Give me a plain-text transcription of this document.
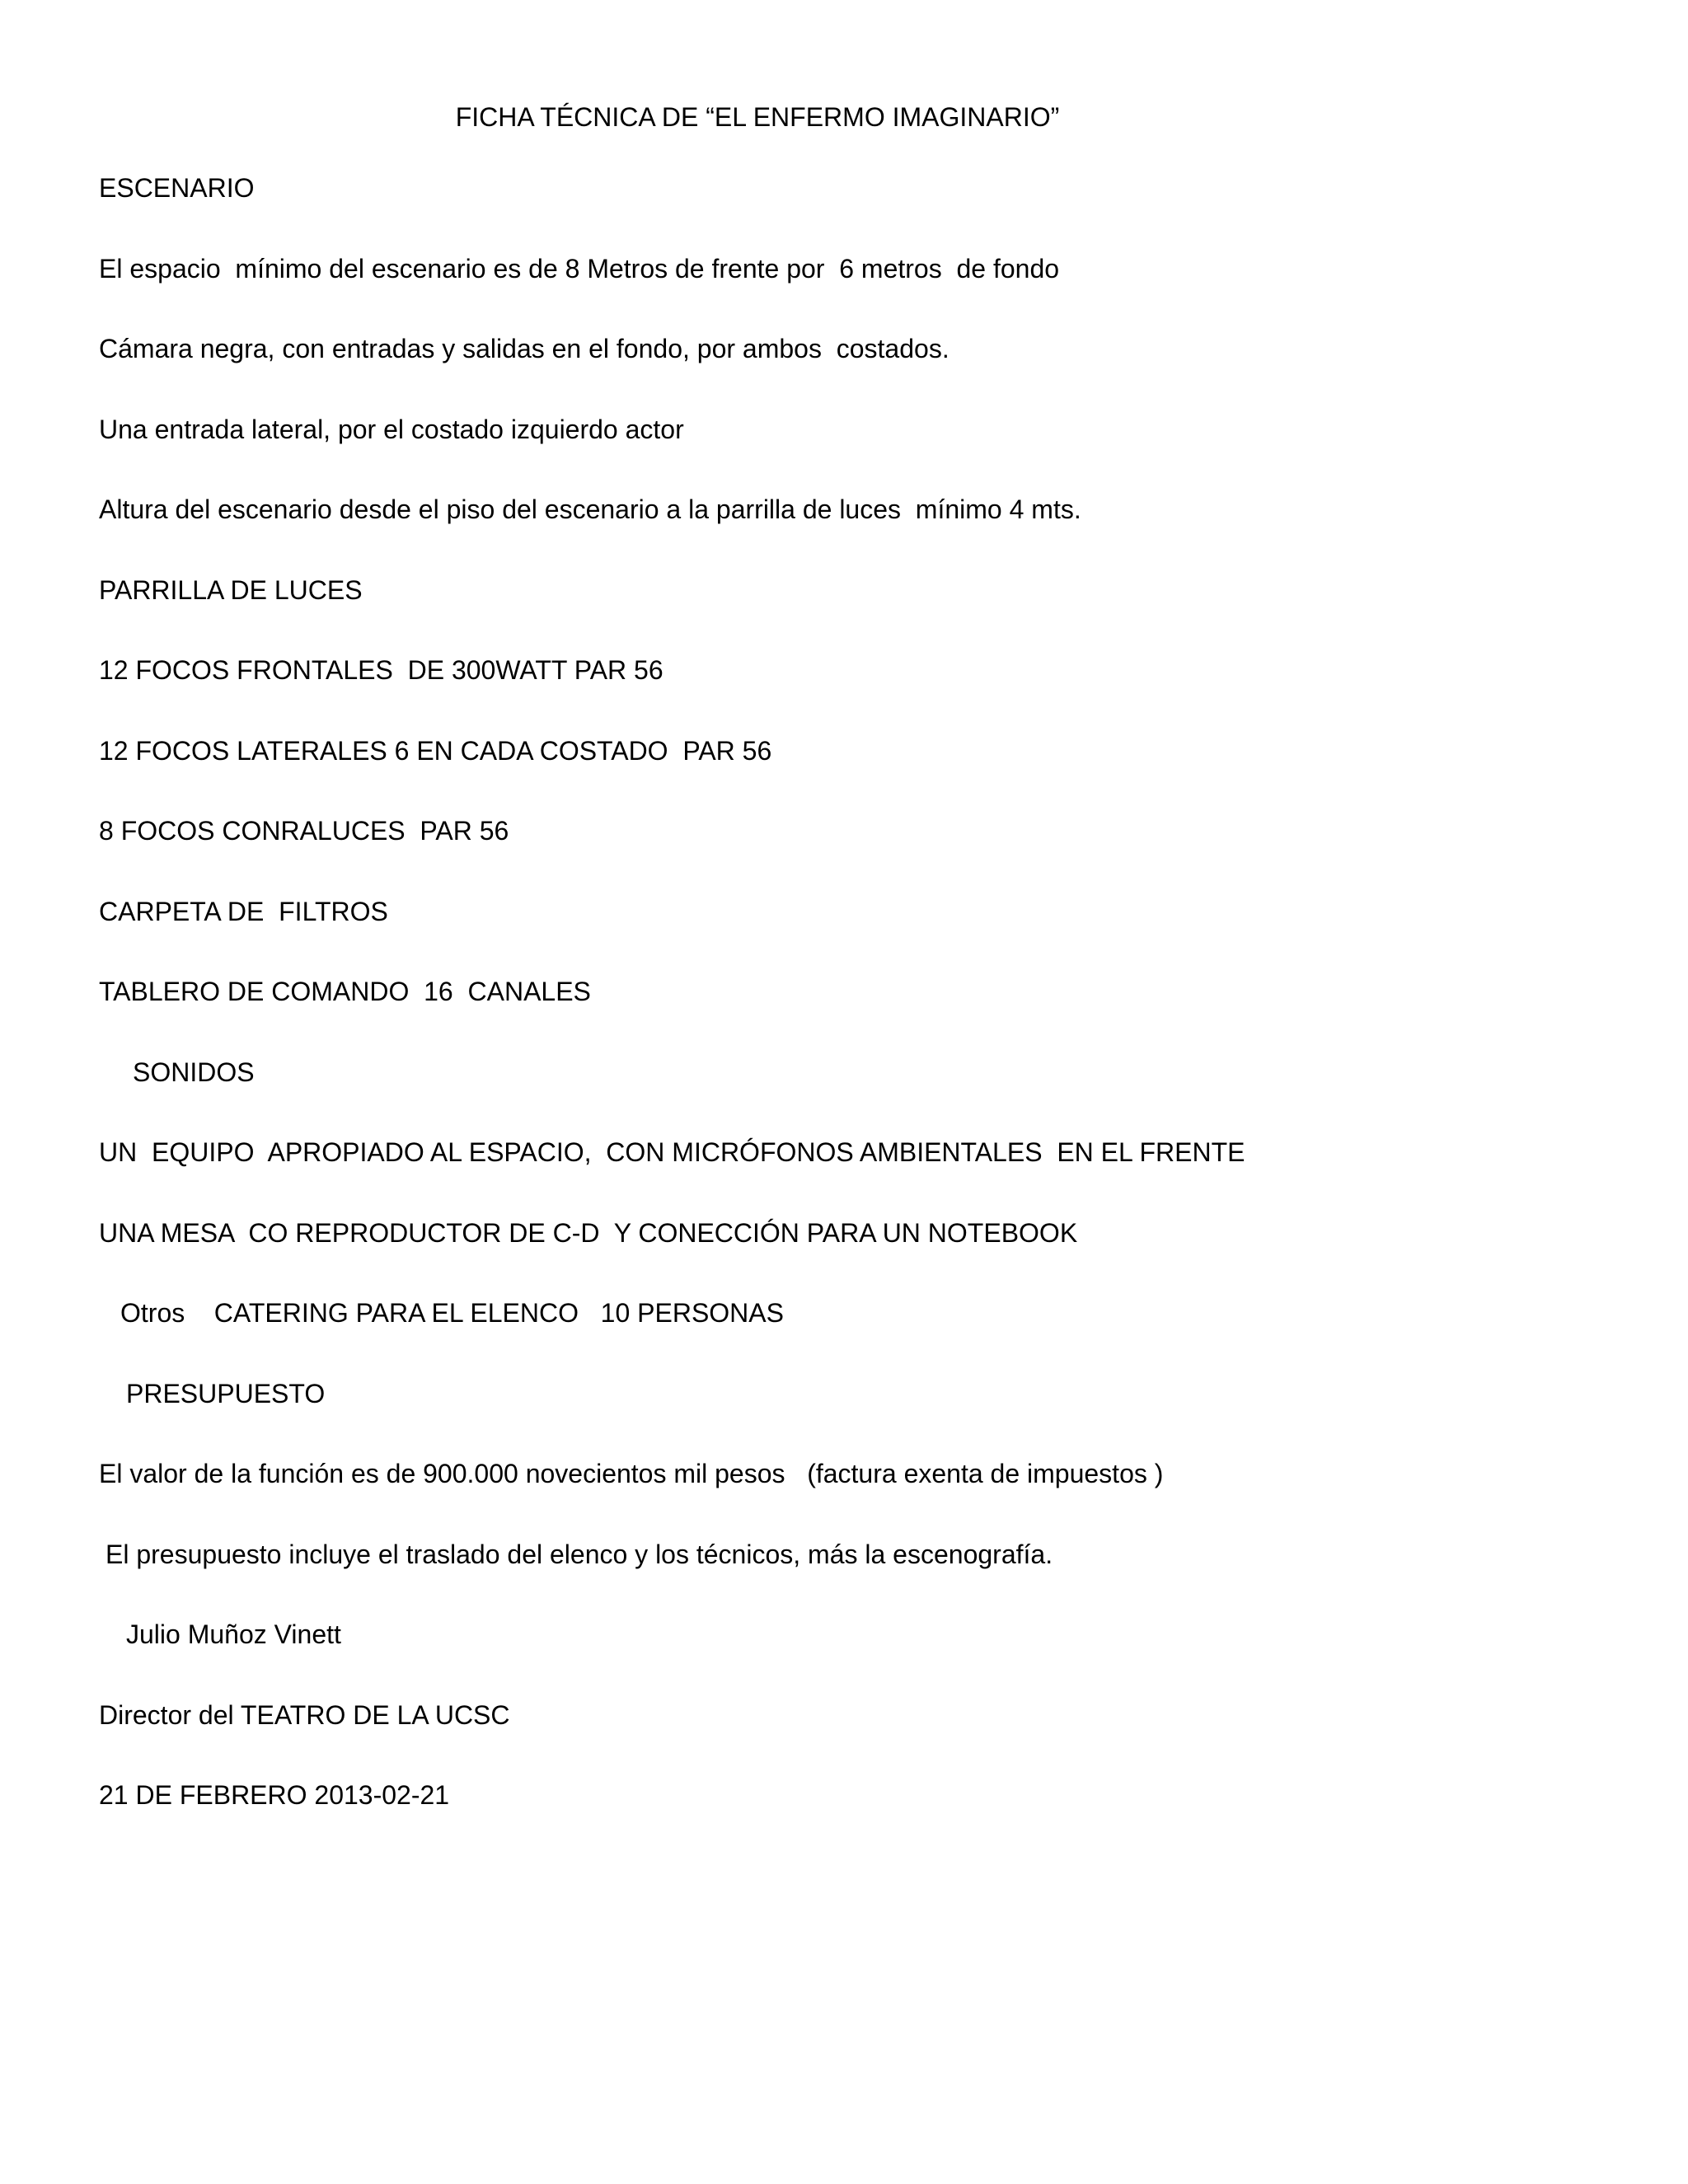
FICHA TÉCNICA DE “EL ENFERMO IMAGINARIO”
ESCENARIO
El espacio  mínimo del escenario es de 8 Metros de frente por  6 metros  de fondo
Cámara negra, con entradas y salidas en el fondo, por ambos  costados.
Una entrada lateral, por el costado izquierdo actor
Altura del escenario desde el piso del escenario a la parrilla de luces  mínimo 4 mts.
PARRILLA DE LUCES
12 FOCOS FRONTALES  DE 300WATT PAR 56
12 FOCOS LATERALES 6 EN CADA COSTADO  PAR 56
8 FOCOS CONRALUCES  PAR 56
CARPETA DE  FILTROS
TABLERO DE COMANDO  16  CANALES
SONIDOS
UN  EQUIPO  APROPIADO AL ESPACIO,  CON MICRÓFONOS AMBIENTALES  EN EL FRENTE
UNA MESA  CO REPRODUCTOR DE C-D  Y CONECCIÓN PARA UN NOTEBOOK
Otros    CATERING PARA EL ELENCO   10 PERSONAS
PRESUPUESTO
El valor de la función es de 900.000 novecientos mil pesos   (factura exenta de impuestos )
El presupuesto incluye el traslado del elenco y los técnicos, más la escenografía.
Julio Muñoz Vinett
Director del TEATRO DE LA UCSC
21 DE FEBRERO 2013-02-21
